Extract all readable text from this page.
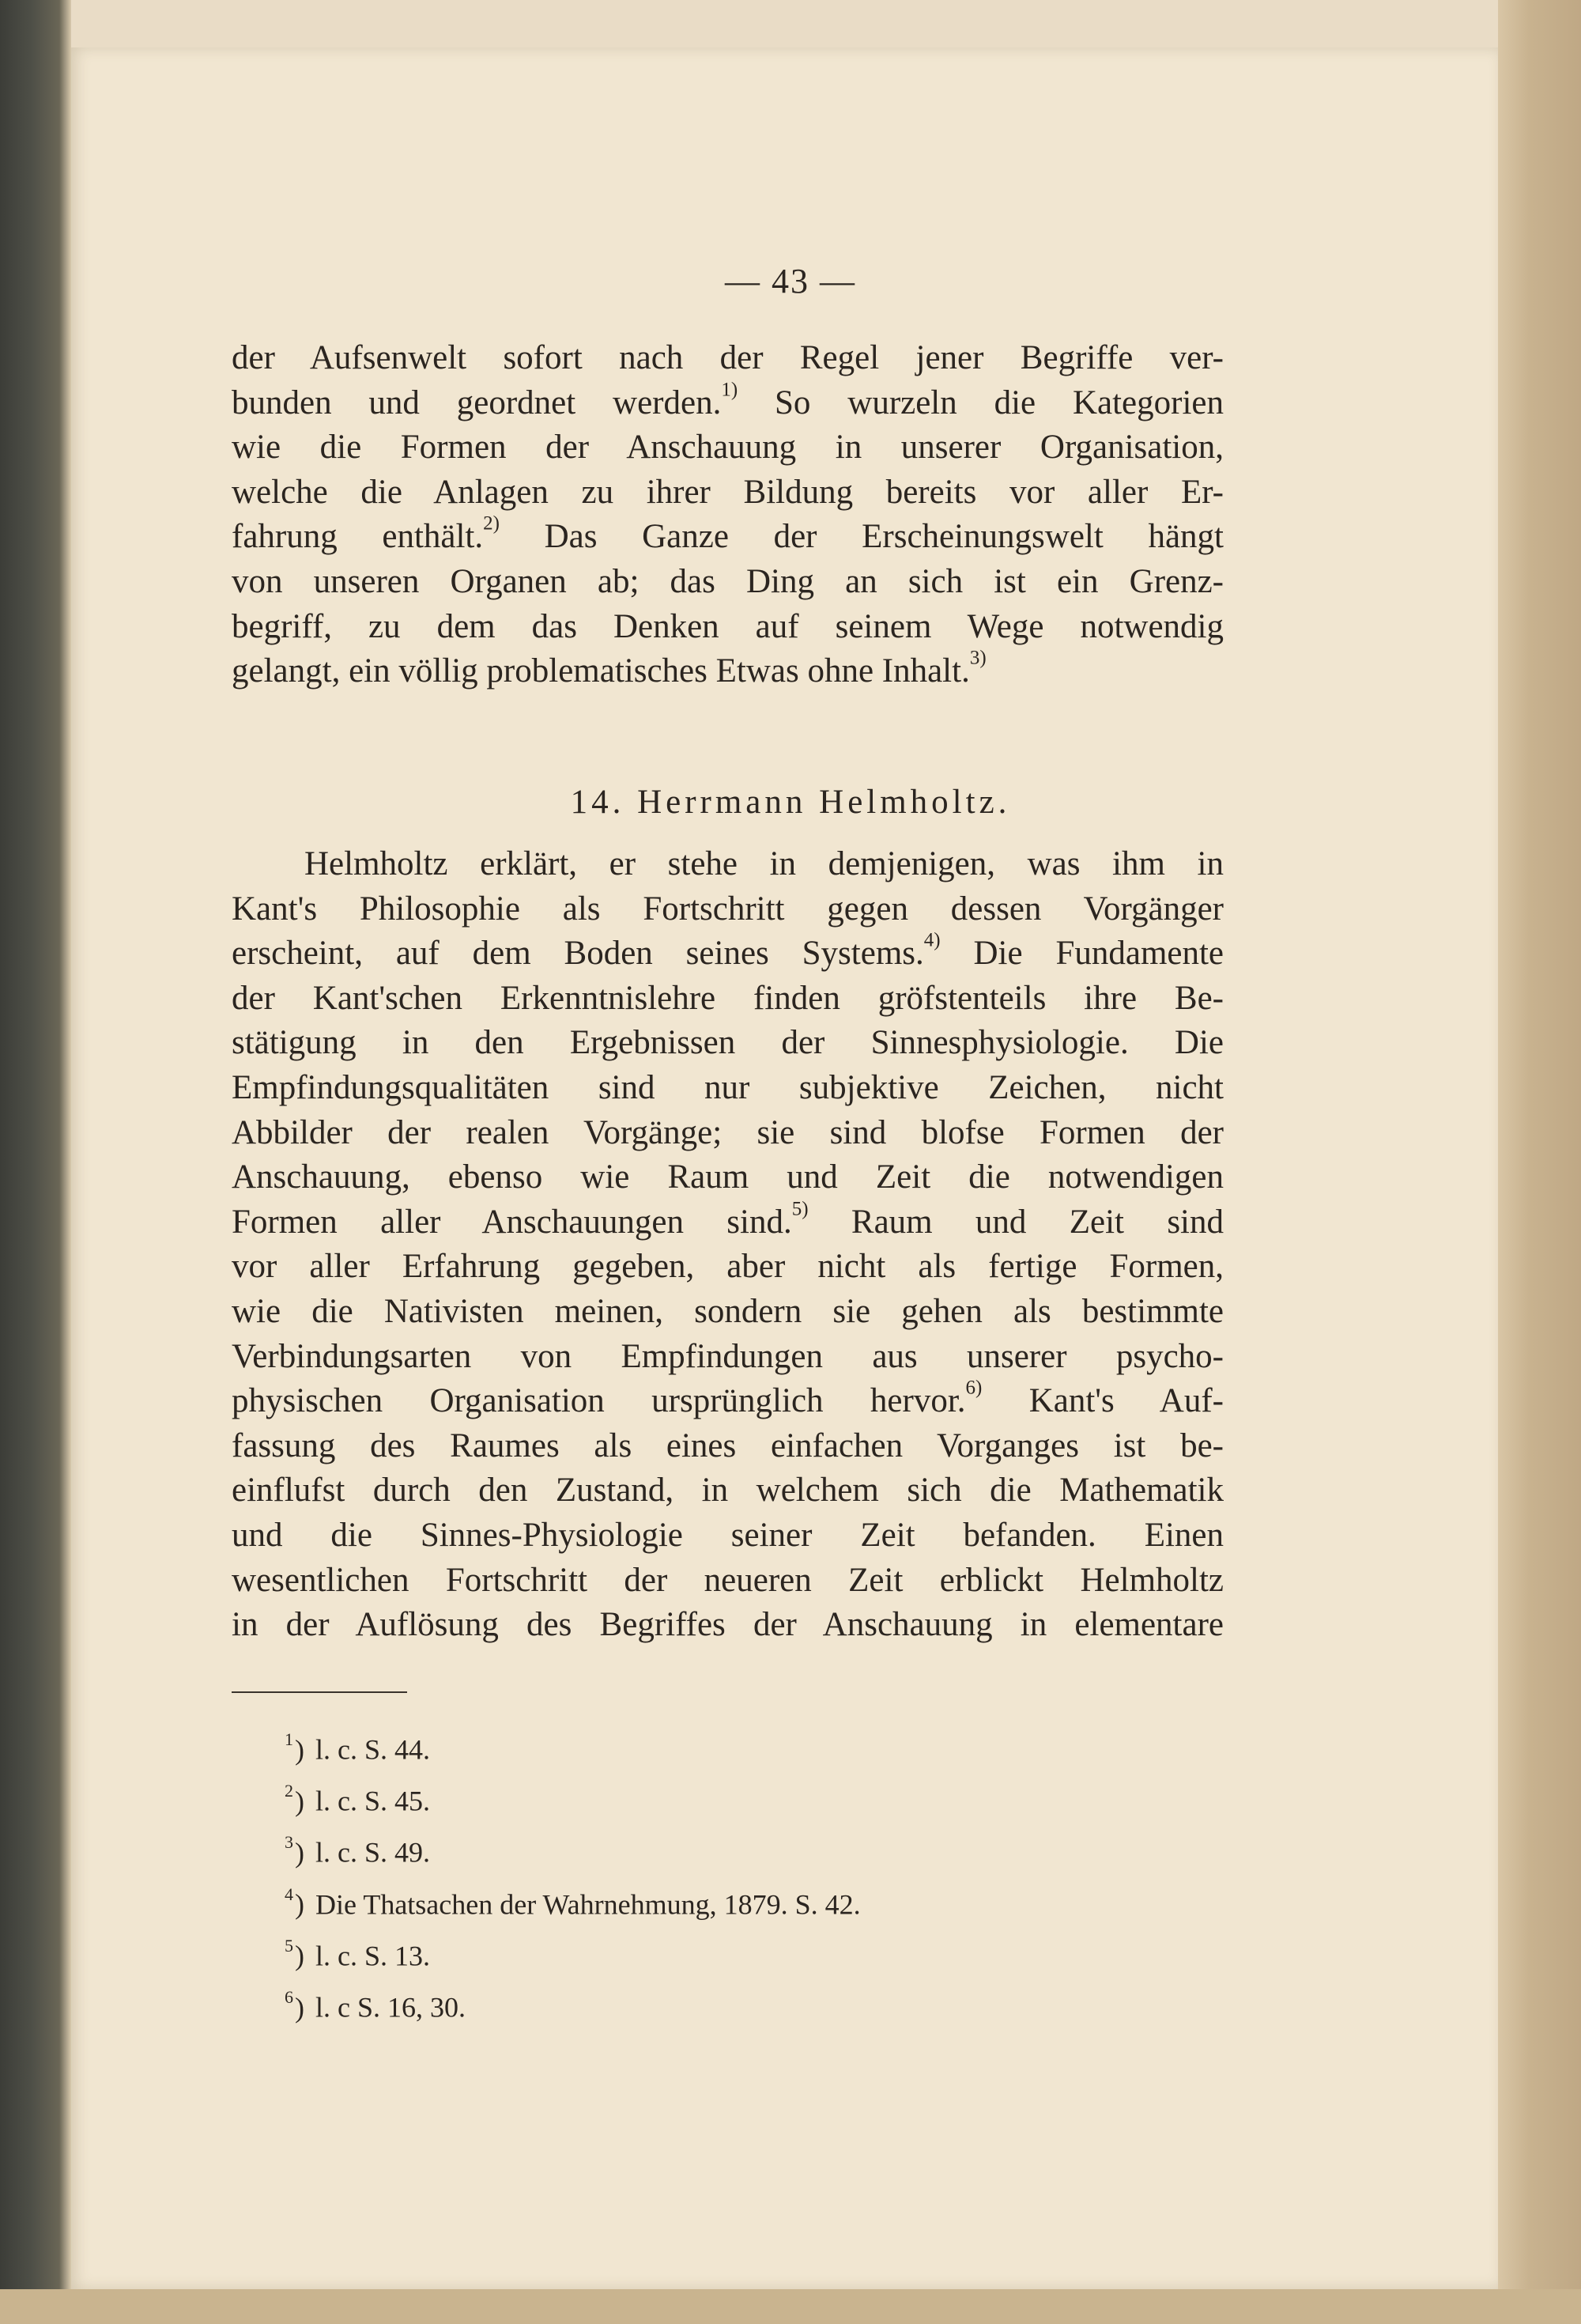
— 43 —
der Aufsenwelt sofort nach der Regel jener Begriffe ver-
bunden und geordnet werden.$^{1)}$ So wurzeln die Kategorien
wie die Formen der Anschauung in unserer Organisation,
welche die Anlagen zu ihrer Bildung bereits vor aller Er-
fahrung enthält.$^{2)}$ Das Ganze der Erscheinungswelt hängt
von unseren Organen ab; das Ding an sich ist ein Grenz-
begriff, zu dem das Denken auf seinem Wege notwendig
gelangt, ein völlig problematisches Etwas ohne Inhalt.$^{3)}$
14. Herrmann Helmholtz.
Helmholtz erklärt, er stehe in demjenigen, was ihm in
Kant's Philosophie als Fortschritt gegen dessen Vorgänger
erscheint, auf dem Boden seines Systems.$^{4)}$ Die Fundamente
der Kant'schen Erkenntnislehre finden gröfstenteils ihre Be-
stätigung in den Ergebnissen der Sinnesphysiologie. Die
Empfindungsqualitäten sind nur subjektive Zeichen, nicht
Abbilder der realen Vorgänge; sie sind blofse Formen der
Anschauung, ebenso wie Raum und Zeit die notwendigen
Formen aller Anschauungen sind.$^{5)}$ Raum und Zeit sind
vor aller Erfahrung gegeben, aber nicht als fertige Formen,
wie die Nativisten meinen, sondern sie gehen als bestimmte
Verbindungsarten von Empfindungen aus unserer psycho-
physischen Organisation ursprünglich hervor.$^{6)}$ Kant's Auf-
fassung des Raumes als eines einfachen Vorganges ist be-
einflufst durch den Zustand, in welchem sich die Mathematik
und die Sinnes-Physiologie seiner Zeit befanden. Einen
wesentlichen Fortschritt der neueren Zeit erblickt Helmholtz
in der Auflösung des Begriffes der Anschauung in elementare
$^1$) l. c. S. 44.
$^2$) l. c. S. 45.
$^3$) l. c. S. 49.
$^4$) Die Thatsachen der Wahrnehmung, 1879. S. 42.
$^5$) l. c. S. 13.
$^6$) l. c S. 16, 30.
